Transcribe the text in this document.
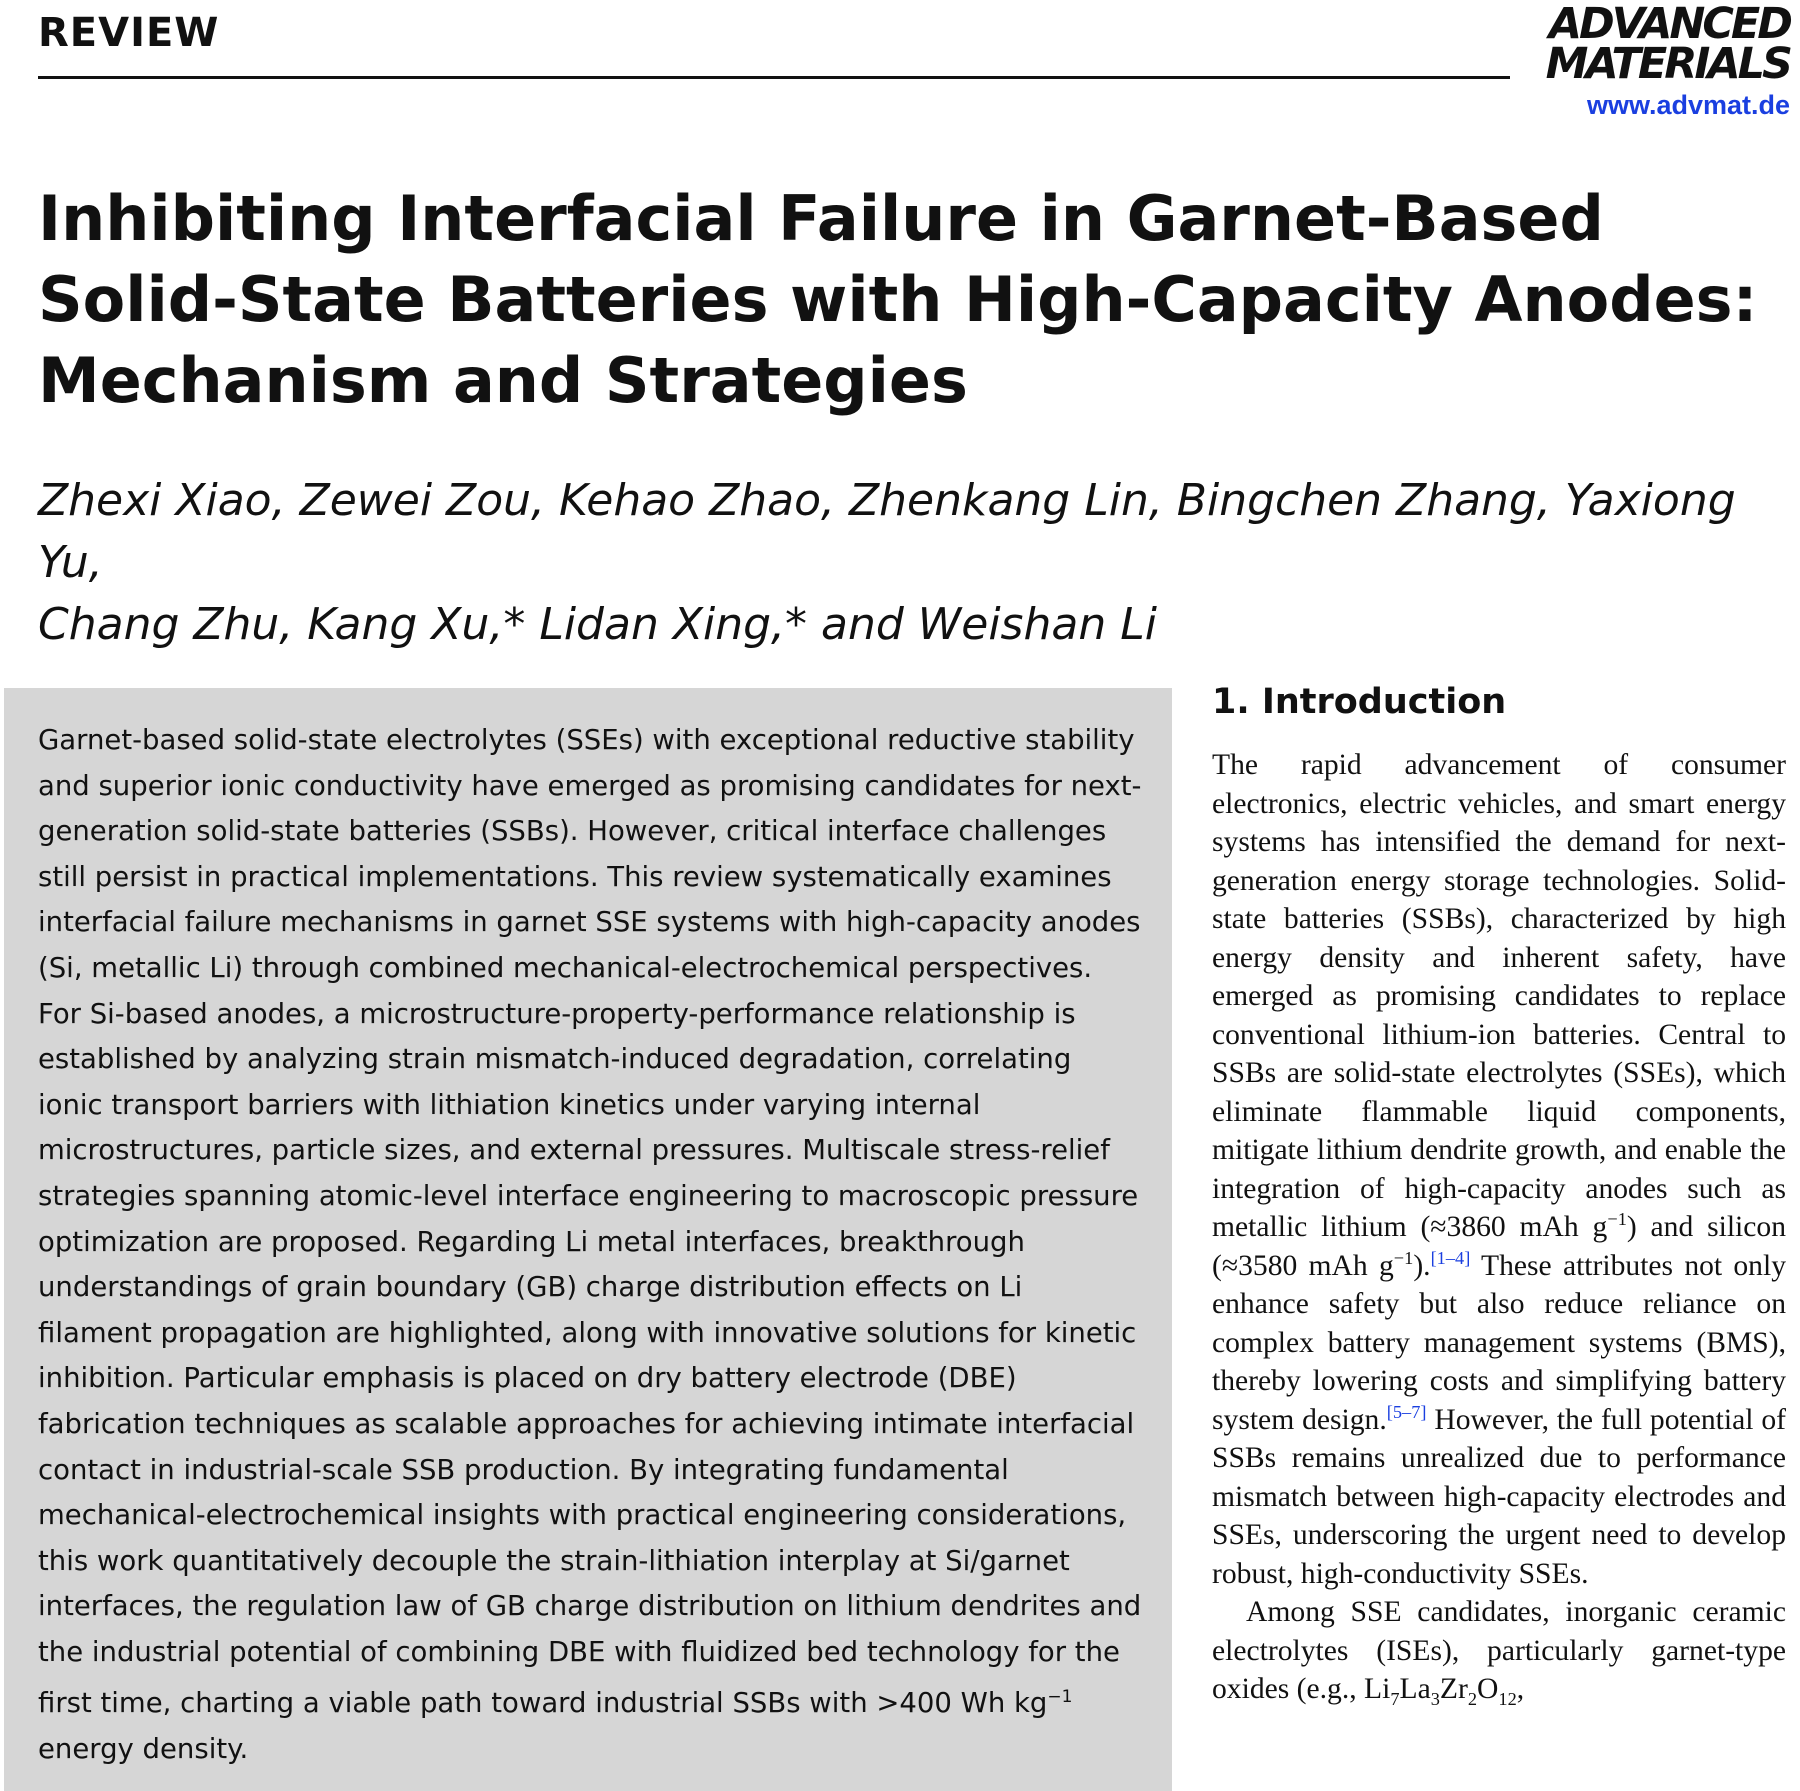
REVIEW	ADVANCED
MATERIALS
www.advmat.de
Inhibiting Interfacial Failure in Garnet-Based Solid-State Batteries with High-Capacity Anodes: Mechanism and Strategies

Zhexi Xiao, Zewei Zou, Kehao Zhao, Zhenkang Lin, Bingchen Zhang, Yaxiong Yu,
Chang Zhu, Kang Xu,* Lidan Xing,* and Weishan Li

Garnet-based solid-state electrolytes (SSEs) with exceptional reductive stability and superior ionic conductivity have emerged as promising candidates for next-generation solid-state batteries (SSBs). However, critical interface challenges still persist in practical implementations. This review systematically examines interfacial failure mechanisms in garnet SSE systems with high-capacity anodes (Si, metallic Li) through combined mechanical-electrochemical perspectives. For Si-based anodes, a microstructure-property-performance relationship is established by analyzing strain mismatch-induced degradation, correlating ionic transport barriers with lithiation kinetics under varying internal microstructures, particle sizes, and external pressures. Multiscale stress-relief strategies spanning atomic-level interface engineering to macroscopic pressure optimization are proposed. Regarding Li metal interfaces, breakthrough understandings of grain boundary (GB) charge distribution effects on Li filament propagation are highlighted, along with innovative solutions for kinetic inhibition. Particular emphasis is placed on dry battery electrode (DBE) fabrication techniques as scalable approaches for achieving intimate interfacial contact in industrial-scale SSB production. By integrating fundamental mechanical-electrochemical insights with practical engineering considerations, this work quantitatively decouple the strain-lithiation interplay at Si/garnet interfaces, the regulation law of GB charge distribution on lithium dendrites and the industrial potential of combining DBE with fluidized bed technology for the first time, charting a viable path toward industrial SSBs with >400 Wh $kg^{-1}$ energy density.

1. Introduction

The rapid advancement of consumer electronics, electric vehicles, and smart energy systems has intensified the demand for next-generation energy storage technologies. Solid-state batteries (SSBs), characterized by high energy density and inherent safety, have emerged as promising candidates to replace conventional lithium-ion batteries. Central to SSBs are solid-state electrolytes (SSEs), which eliminate flammable liquid components, mitigate lithium dendrite growth, and enable the integration of high-capacity anodes such as metallic lithium (≈3860 mAh $g^{-1}$) and silicon (≈3580 mAh $g^{-1}).[1-4]$ These attributes not only enhance safety but also reduce reliance on complex battery management systems (BMS), thereby lowering costs and simplifying battery system design.[5–7] However, the full potential of SSBs remains unrealized due to performance mismatch between high-capacity electrodes and SSEs, underscoring the urgent need to develop robust, high-conductivity SSEs.

Among SSE candidates, inorganic ceramic electrolytes (ISEs), particularly garnet-type oxides (e.g., $Li_7La_3Zr_2O_{12}$,
